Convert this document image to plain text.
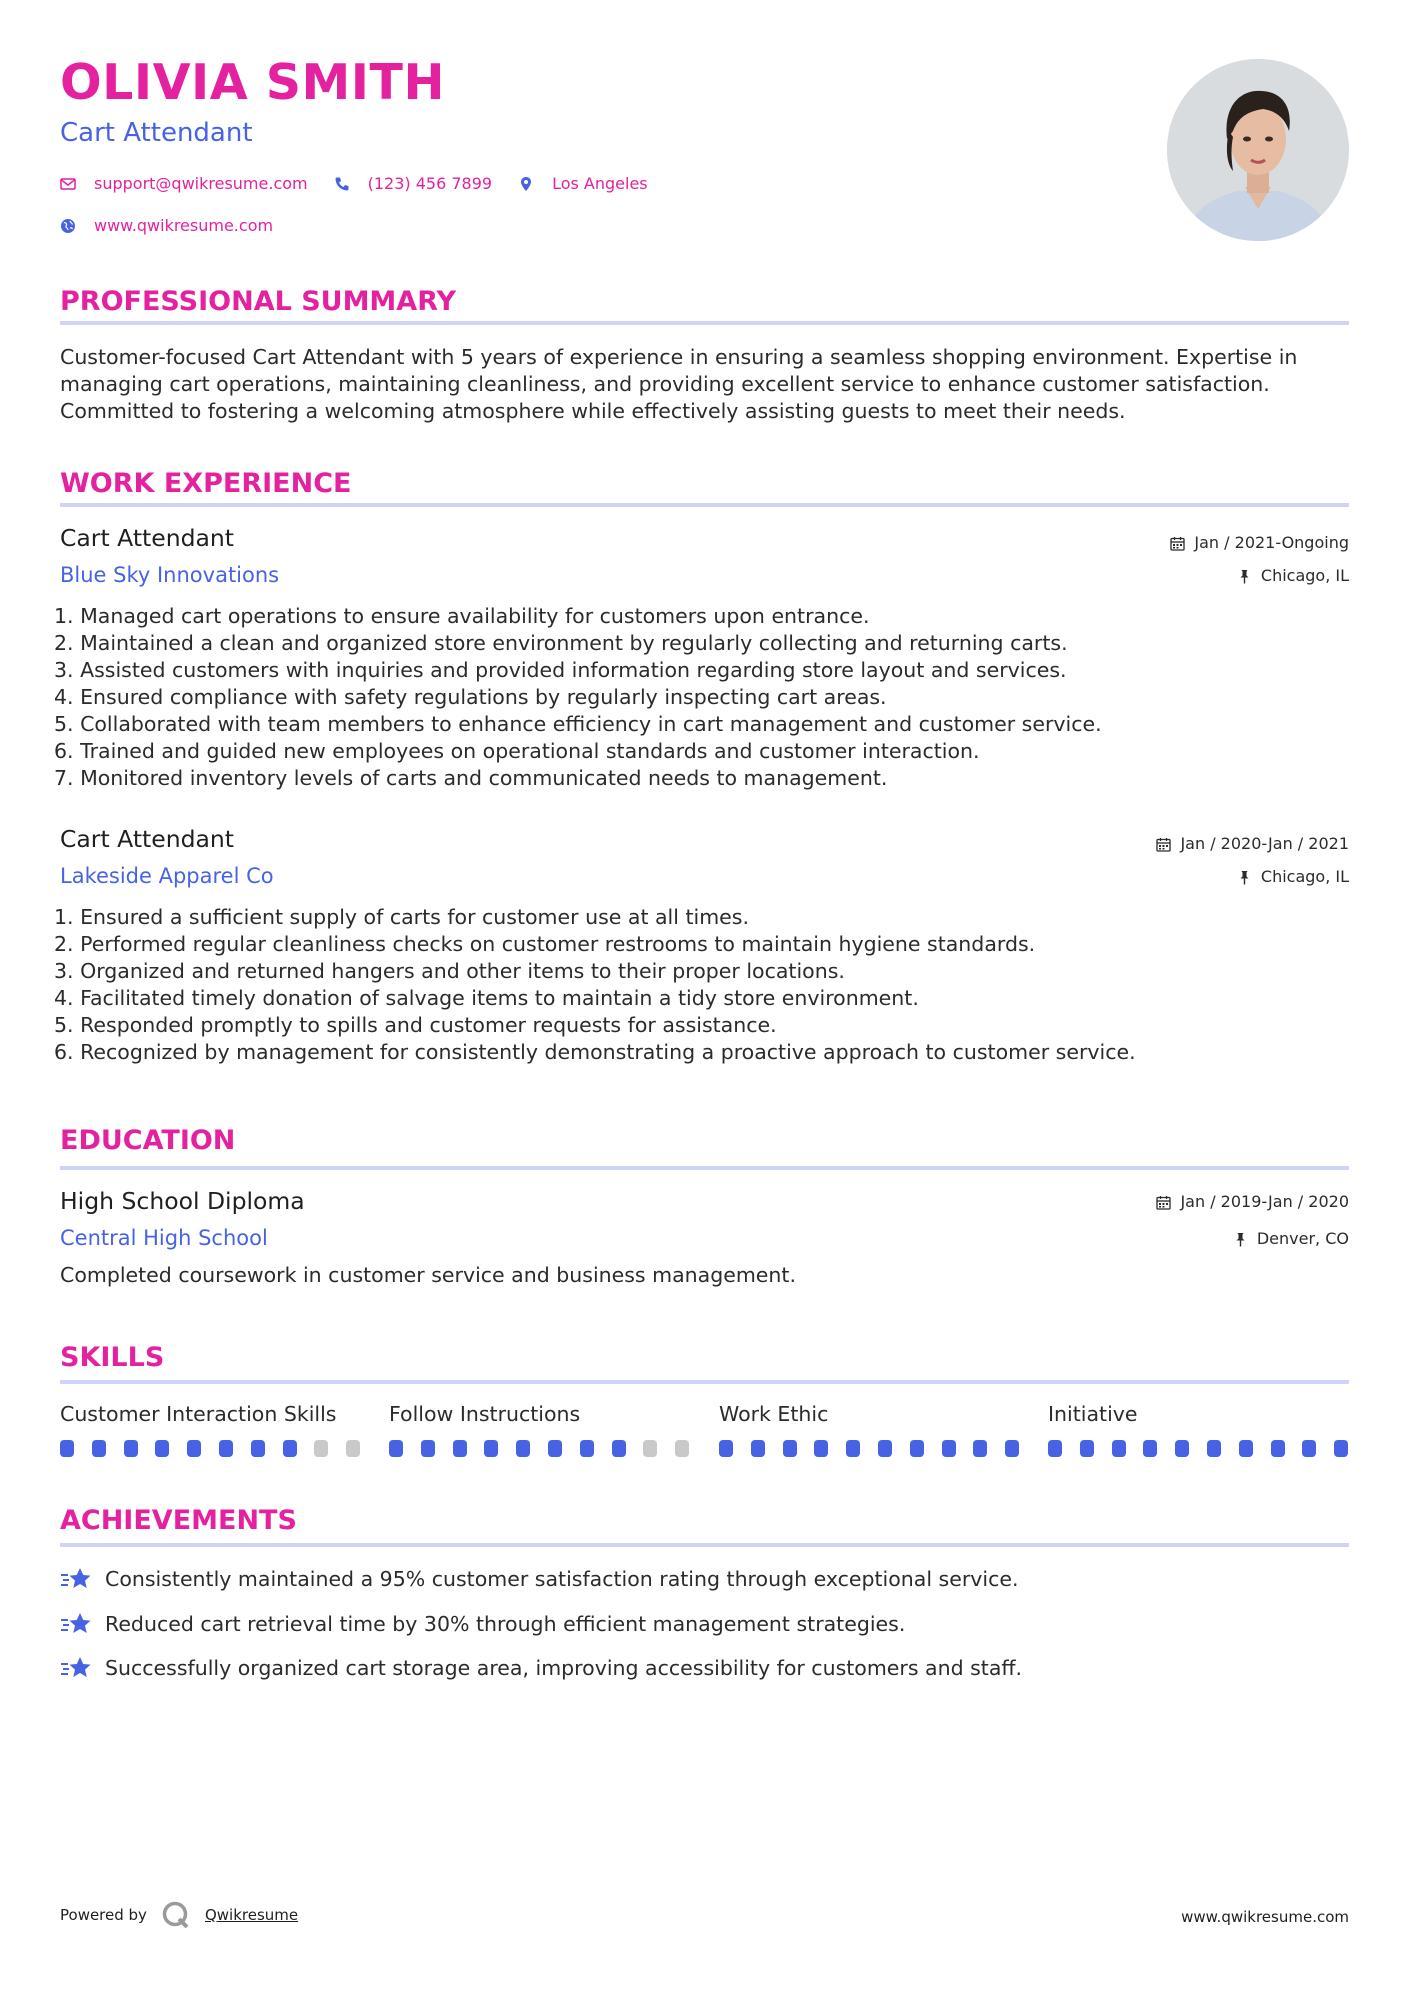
OLIVIA SMITH
Cart Attendant
support@qwikresume.com	(123) 456 7899	Los Angeles
www.qwikresume.com
PROFESSIONAL SUMMARY
Customer-focused Cart Attendant with 5 years of experience in ensuring a seamless shopping environment. Expertise in
managing cart operations, maintaining cleanliness, and providing excellent service to enhance customer satisfaction.
Committed to fostering a welcoming atmosphere while effectively assisting guests to meet their needs.
WORK EXPERIENCE
Cart Attendant
Blue Sky Innovations
Jan / 2021-Ongoing
Chicago, IL
1. Managed cart operations to ensure availability for customers upon entrance.
2. Maintained a clean and organized store environment by regularly collecting and returning carts.
3. Assisted customers with inquiries and provided information regarding store layout and services.
4. Ensured compliance with safety regulations by regularly inspecting cart areas.
5. Collaborated with team members to enhance efficiency in cart management and customer service.
6. Trained and guided new employees on operational standards and customer interaction.
7. Monitored inventory levels of carts and communicated needs to management.
Cart Attendant
Lakeside Apparel Co
Jan / 2020-Jan / 2021
Chicago, IL
1. Ensured a sufficient supply of carts for customer use at all times.
2. Performed regular cleanliness checks on customer restrooms to maintain hygiene standards.
3. Organized and returned hangers and other items to their proper locations.
4. Facilitated timely donation of salvage items to maintain a tidy store environment.
5. Responded promptly to spills and customer requests for assistance.
6. Recognized by management for consistently demonstrating a proactive approach to customer service.
EDUCATION
High School Diploma
Central High School
Jan / 2019-Jan / 2020
Denver, CO
Completed coursework in customer service and business management.
SKILLS
Customer Interaction Skills	Follow Instructions	Work Ethic	Initiative
ACHIEVEMENTS
Consistently maintained a 95% customer satisfaction rating through exceptional service.
Reduced cart retrieval time by 30% through efficient management strategies.
Successfully organized cart storage area, improving accessibility for customers and staff.
Powered by	Qwikresume	www.qwikresume.com
